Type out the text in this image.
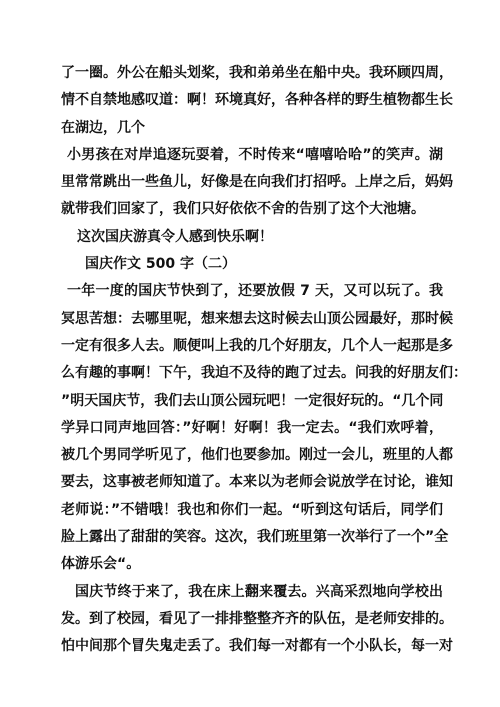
了一圈。外公在船头划桨，我和弟弟坐在船中央。我环顾四周，
情不自禁地感叹道：啊！环境真好，各种各样的野生植物都生长
在湖边，几个
小男孩在对岸追逐玩耍着，不时传来“嘻嘻哈哈”的笑声。湖
里常常跳出一些鱼儿，好像是在向我们打招呼。上岸之后，妈妈
就带我们回家了，我们只好依依不舍的告别了这个大池塘。
这次国庆游真令人感到快乐啊！
国庆作文 500 字（二）
一年一度的国庆节快到了，还要放假 7 天，又可以玩了。我
冥思苦想：去哪里呢，想来想去这时候去山顶公园最好，那时候
一定有很多人去。顺便叫上我的几个好朋友，几个人一起那是多
么有趣的事啊！下午，我迫不及待的跑了过去。问我的好朋友们：
”明天国庆节，我们去山顶公园玩吧！一定很好玩的。“几个同
学异口同声地回答：”好啊！好啊！我一定去。“我们欢呼着，
被几个男同学听见了，他们也要参加。刚过一会儿，班里的人都
要去，这事被老师知道了。本来以为老师会说放学在讨论，谁知
老师说：”不错哦！我也和你们一起。“听到这句话后，同学们
脸上露出了甜甜的笑容。这次，我们班里第一次举行了一个”全
体游乐会“。
国庆节终于来了，我在床上翻来覆去。兴高采烈地向学校出
发。到了校园，看见了一排排整整齐齐的队伍，是老师安排的。
怕中间那个冒失鬼走丢了。我们每一对都有一个小队长，每一对
